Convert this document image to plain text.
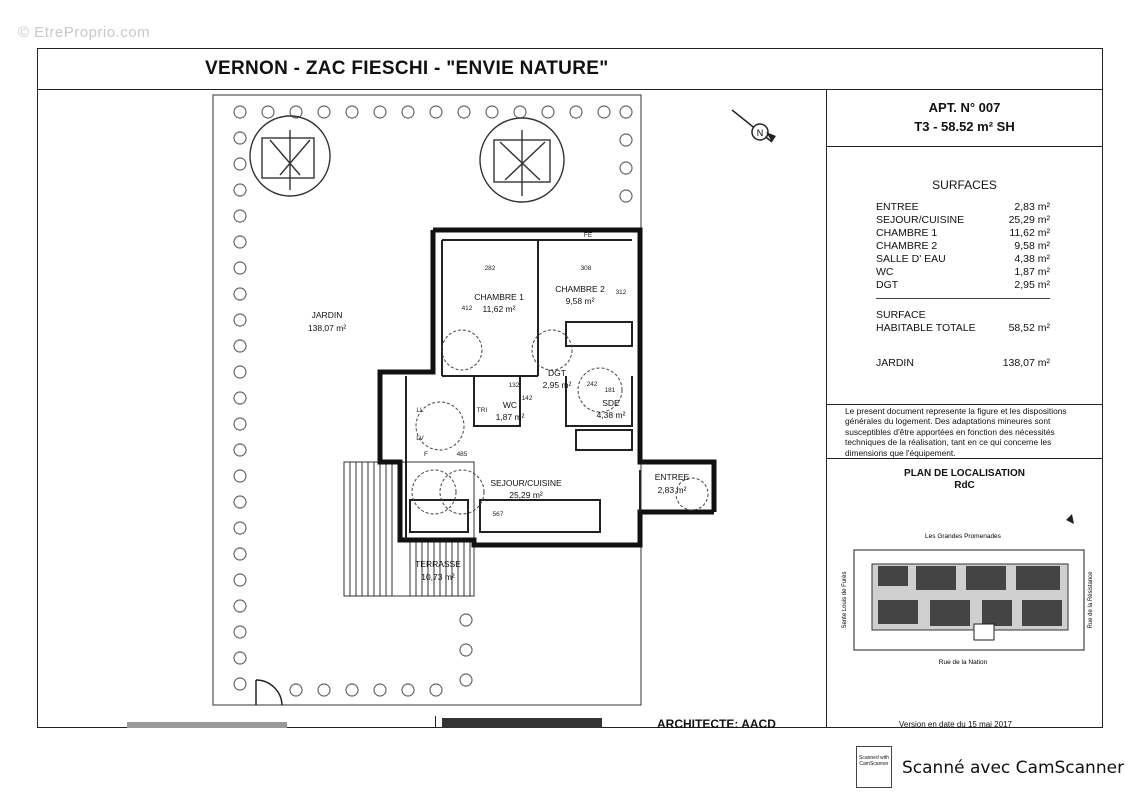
© EtreProprio.com
VERNON - ZAC FIESCHI - "ENVIE NATURE"
N
JARDIN
138,07 m²
CHAMBRE 1
11,62 m²
CHAMBRE 2
9,58 m²
DGT
2,95 m²
WC
1,87 m²
SDE
4,38 m²
SEJOUR/CUISINE
25,29 m²
ENTREE
2,83 m²
TERRASSE
10,73 m²
282	308
412
312
132
142
242
181
485
567
FE
LL	TRI
LV
F
APT. N° 007
T3 - 58.52 m² SH
SURFACES
ENTREE	2,83 m²
SEJOUR/CUISINE	25,29 m²
CHAMBRE 1	11,62 m²
CHAMBRE 2	9,58 m²
SALLE D' EAU	4,38 m²
WC	1,87 m²
DGT	2,95 m²
SURFACE
HABITABLE TOTALE	58,52 m²
JARDIN	138,07 m²
Le present document represente la figure et les dispositions générales du logement. Des adaptations mineures sont susceptibles d'être apportées en fonction des nécessités techniques de la réalisation, tant en ce qui concerne les dimensions que l'équipement.
PLAN DE LOCALISATION
RdC
Les Grandes Promenades
Rue de la Nation
Sente Louis de Furès	Rue de la Résistance
ARCHITECTE: AACD	Version en date du 15 mai 2017
Scanned with CamScanner Scanné avec CamScanner
